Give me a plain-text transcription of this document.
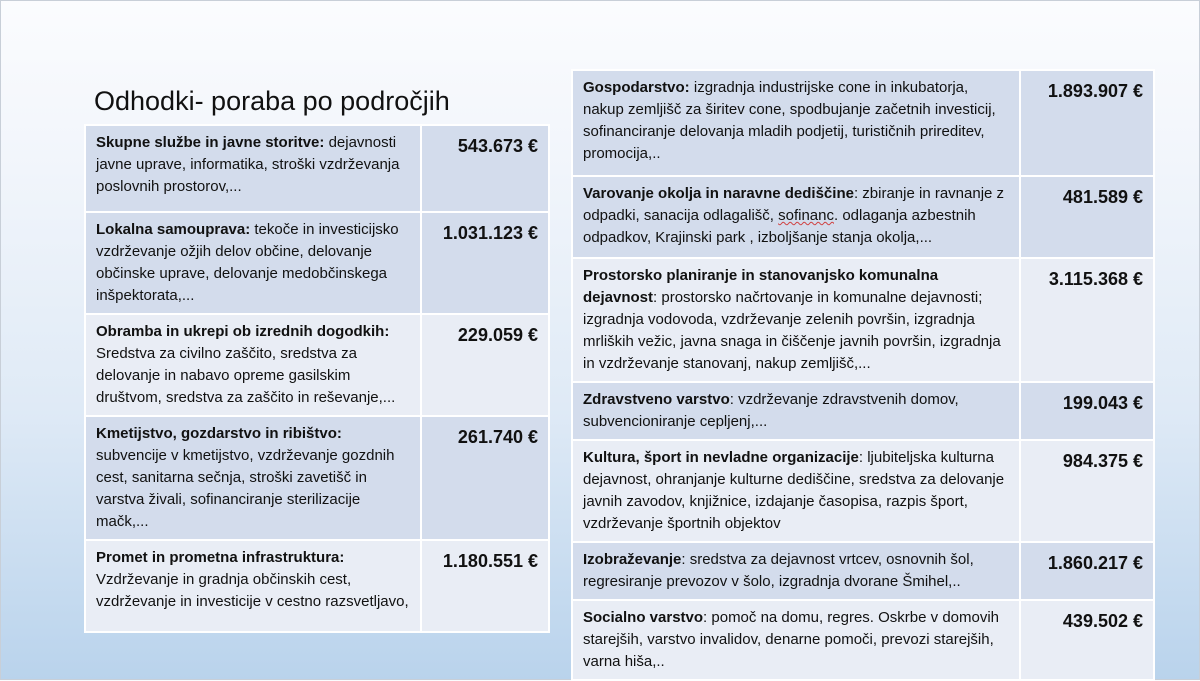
Odhodki- poraba po področjih
Skupne službe in javne storitve: dejavnosti javne uprave, informatika, stroški vzdrževanja poslovnih prostorov,...	543.673 €
Lokalna samouprava: tekoče in investicijsko vzdrževanje ožjih delov občine, delovanje občinske uprave, delovanje medobčinskega inšpektorata,...	1.031.123 €
Obramba in ukrepi ob izrednih dogodkih: Sredstva za civilno zaščito, sredstva za delovanje in nabavo opreme gasilskim društvom, sredstva za zaščito in reševanje,...	229.059 €
Kmetijstvo, gozdarstvo in ribištvo: subvencije v kmetijstvo, vzdrževanje gozdnih cest, sanitarna sečnja, stroški zavetišč in varstva živali, sofinanciranje sterilizacije mačk,...	261.740 €
Promet in prometna infrastruktura: Vzdrževanje in gradnja občinskih cest, vzdrževanje in investicije v cestno razsvetljavo,	1.180.551 €
Gospodarstvo: izgradnja industrijske cone in inkubatorja, nakup zemljišč za širitev cone, spodbujanje začetnih investicij, sofinanciranje delovanja mladih podjetij, turističnih prireditev, promocija,..	1.893.907 €
Varovanje okolja in naravne dediščine: zbiranje in ravnanje z odpadki, sanacija odlagališč, sofinanc. odlaganja azbestnih odpadkov, Krajinski park , izboljšanje stanja okolja,...	481.589 €
Prostorsko planiranje in stanovanjsko komunalna dejavnost: prostorsko načrtovanje in komunalne dejavnosti; izgradnja vodovoda, vzdrževanje zelenih površin, izgradnja mrliških vežic, javna snaga in čiščenje javnih površin, izgradnja in vzdrževanje stanovanj, nakup zemljišč,...	3.115.368 €
Zdravstveno varstvo: vzdrževanje zdravstvenih domov, subvencioniranje cepljenj,...	199.043 €
Kultura, šport in nevladne organizacije: ljubiteljska kulturna dejavnost, ohranjanje kulturne dediščine, sredstva za delovanje javnih zavodov, knjižnice, izdajanje časopisa, razpis šport, vzdrževanje športnih objektov	984.375 €
Izobraževanje: sredstva za dejavnost vrtcev, osnovnih šol, regresiranje prevozov v šolo, izgradnja dvorane Šmihel,..	1.860.217 €
Socialno varstvo: pomoč na domu, regres. Oskrbe v domovih starejših, varstvo invalidov, denarne pomoči, prevozi starejših, varna hiša,..	439.502 €
